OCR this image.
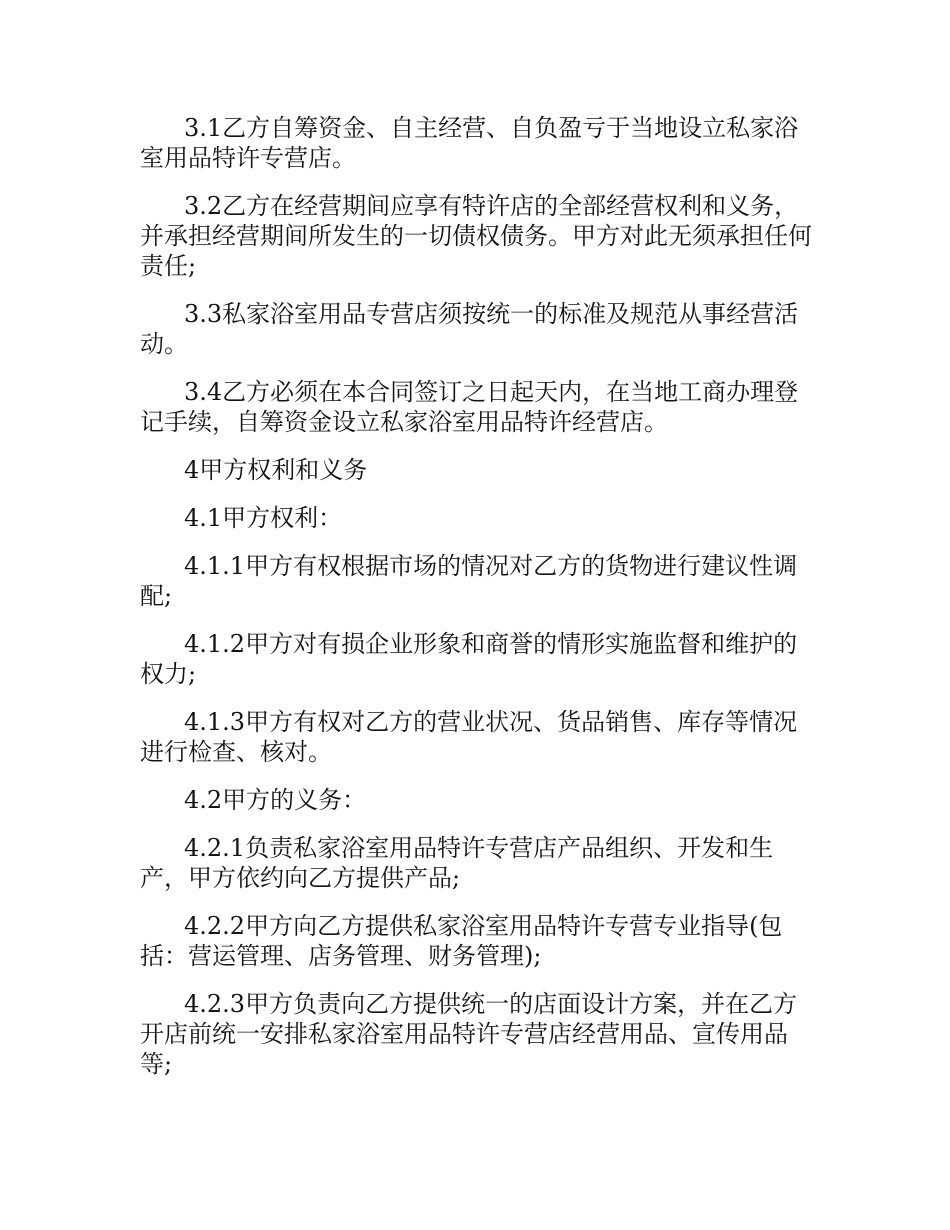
3.1乙方自筹资金、自主经营、自负盈亏于当地设立私家浴室用品特许专营店。

3.2乙方在经营期间应享有特许店的全部经营权利和义务，并承担经营期间所发生的一切债权债务。甲方对此无须承担任何责任;

3.3私家浴室用品专营店须按统一的标准及规范从事经营活动。

3.4乙方必须在本合同签订之日起天内，在当地工商办理登记手续，自筹资金设立私家浴室用品特许经营店。

4甲方权利和义务

4.1甲方权利：

4.1.1甲方有权根据市场的情况对乙方的货物进行建议性调配;

4.1.2甲方对有损企业形象和商誉的情形实施监督和维护的权力;

4.1.3甲方有权对乙方的营业状况、货品销售、库存等情况进行检查、核对。

4.2甲方的义务：

4.2.1负责私家浴室用品特许专营店产品组织、开发和生产，甲方依约向乙方提供产品;

4.2.2甲方向乙方提供私家浴室用品特许专营专业指导(包括：营运管理、店务管理、财务管理);

4.2.3甲方负责向乙方提供统一的店面设计方案，并在乙方开店前统一安排私家浴室用品特许专营店经营用品、宣传用品等;
